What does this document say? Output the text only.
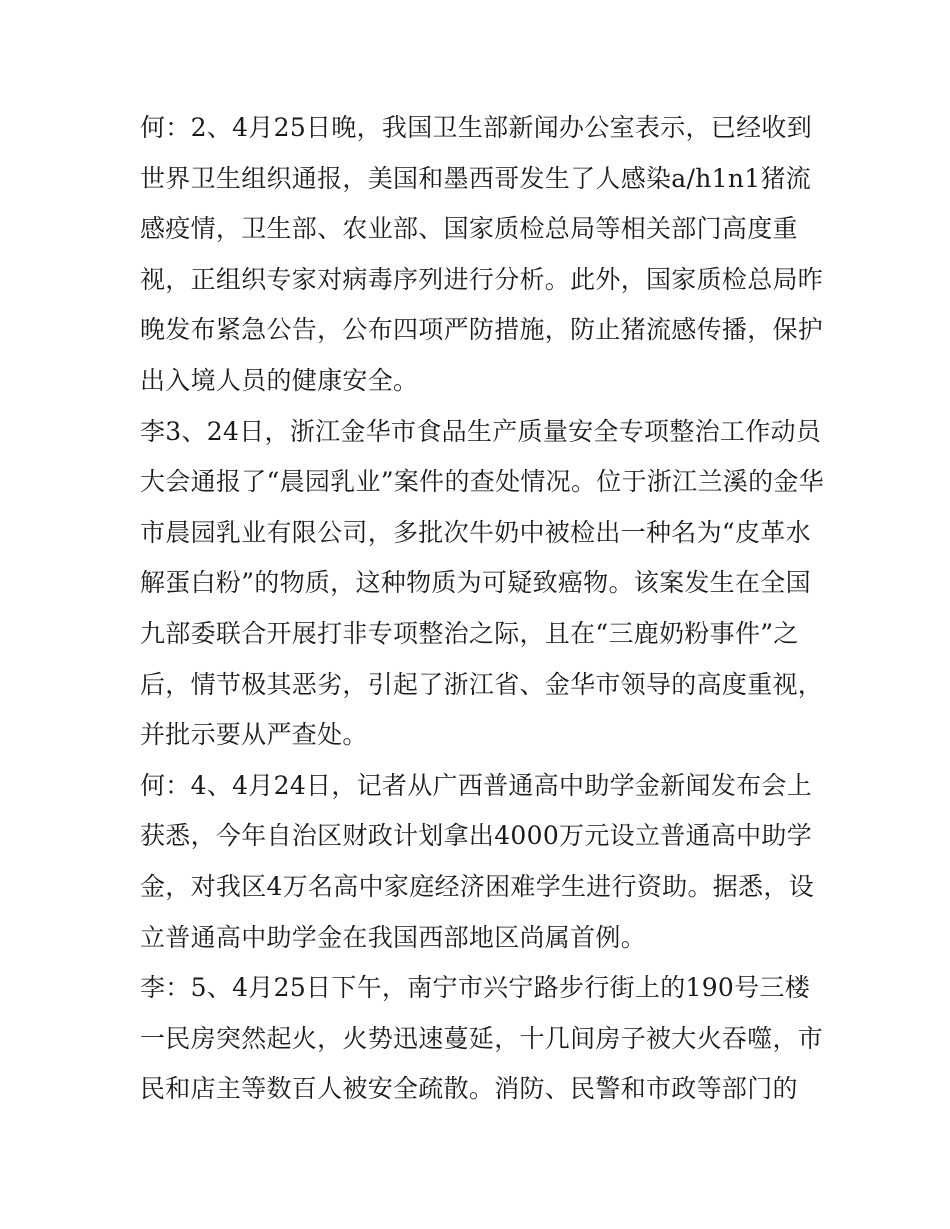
何：2、4月25日晚，我国卫生部新闻办公室表示，已经收到
世界卫生组织通报，美国和墨西哥发生了人感染a/h1n1猪流
感疫情，卫生部、农业部、国家质检总局等相关部门高度重
视，正组织专家对病毒序列进行分析。此外，国家质检总局昨
晚发布紧急公告，公布四项严防措施，防止猪流感传播，保护
出入境人员的健康安全。
李3、24日，浙江金华市食品生产质量安全专项整治工作动员
大会通报了“晨园乳业”案件的查处情况。位于浙江兰溪的金华
市晨园乳业有限公司，多批次牛奶中被检出一种名为“皮革水
解蛋白粉”的物质，这种物质为可疑致癌物。该案发生在全国
九部委联合开展打非专项整治之际，且在“三鹿奶粉事件”之
后，情节极其恶劣，引起了浙江省、金华市领导的高度重视，
并批示要从严查处。
何：4、4月24日，记者从广西普通高中助学金新闻发布会上
获悉，今年自治区财政计划拿出4000万元设立普通高中助学
金，对我区4万名高中家庭经济困难学生进行资助。据悉，设
立普通高中助学金在我国西部地区尚属首例。
李：5、4月25日下午，南宁市兴宁路步行街上的190号三楼
一民房突然起火，火势迅速蔓延，十几间房子被大火吞噬，市
民和店主等数百人被安全疏散。消防、民警和市政等部门的
